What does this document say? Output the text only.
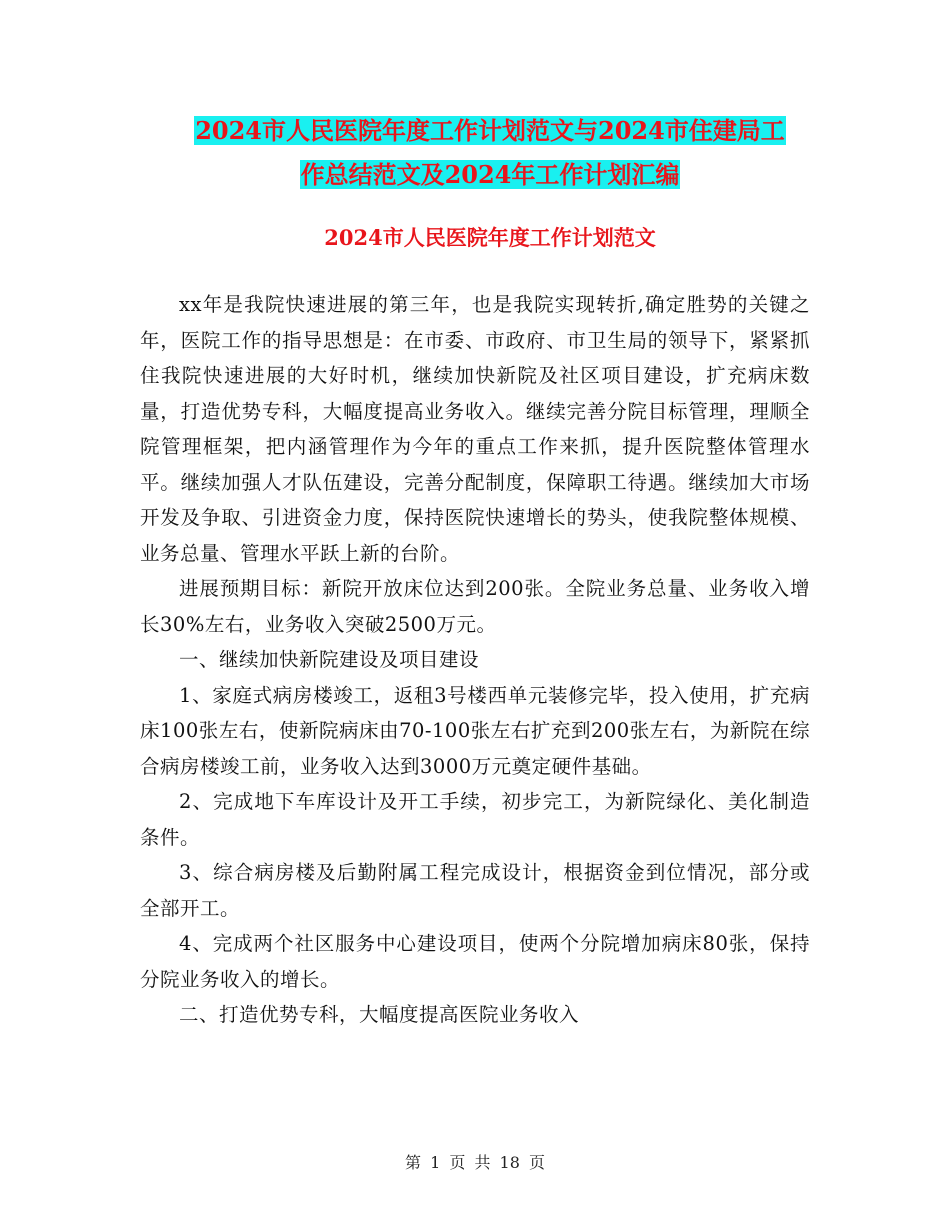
2024市人民医院年度工作计划范文与2024市住建局工
作总结范文及2024年工作计划汇编
2024市人民医院年度工作计划范文

xx年是我院快速进展的第三年，也是我院实现转折,确定胜势的关键之年，医院工作的指导思想是：在市委、市政府、市卫生局的领导下，紧紧抓住我院快速进展的大好时机，继续加快新院及社区项目建设，扩充病床数量，打造优势专科，大幅度提高业务收入。继续完善分院目标管理，理顺全院管理框架，把内涵管理作为今年的重点工作来抓，提升医院整体管理水平。继续加强人才队伍建设，完善分配制度，保障职工待遇。继续加大市场开发及争取、引进资金力度，保持医院快速增长的势头，使我院整体规模、业务总量、管理水平跃上新的台阶。

进展预期目标：新院开放床位达到200张。全院业务总量、业务收入增长30%左右，业务收入突破2500万元。

一、继续加快新院建设及项目建设

1、家庭式病房楼竣工，返租3号楼西单元装修完毕，投入使用，扩充病床100张左右，使新院病床由70-100张左右扩充到200张左右，为新院在综合病房楼竣工前，业务收入达到3000万元奠定硬件基础。

2、完成地下车库设计及开工手续，初步完工，为新院绿化、美化制造条件。

3、综合病房楼及后勤附属工程完成设计，根据资金到位情况，部分或全部开工。

4、完成两个社区服务中心建设项目，使两个分院增加病床80张，保持分院业务收入的增长。

二、打造优势专科，大幅度提高医院业务收入

第 1 页 共 18 页
